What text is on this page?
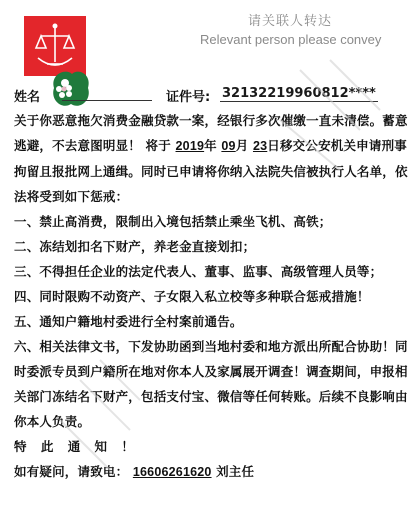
请关联人转达
Relevant person please convey
姓名	证件号: 32132219960812****

关于你恶意拖欠消费金融贷款一案，经银行多次催缴一直未清偿。蓄意逃避，不去意图明显！ 将于 2019年 09月 23日移交公安机关申请刑事拘留且报批网上通缉。同时已申请将你纳入法院失信被执行人名单，依法将受到如下惩戒：

一、禁止高消费，限制出入境包括禁止乘坐飞机、高铁；

二、冻结划扣名下财产，养老金直接划扣；

三、不得担任企业的法定代表人、董事、监事、高级管理人员等；

四、同时限购不动资产、子女限入私立校等多种联合惩戒措施！

五、通知户籍地村委进行全村案前通告。

六、相关法律文书，下发协助函到当地村委和地方派出所配合协助！同时委派专员到户籍所在地对你本人及家属展开调查！调查期间，申报相关部门冻结名下财产，包括支付宝、微信等任何转账。后续不良影响由你本人负责。

特 此 通 知 ！

如有疑问，请致电： 16606261620 刘主任
